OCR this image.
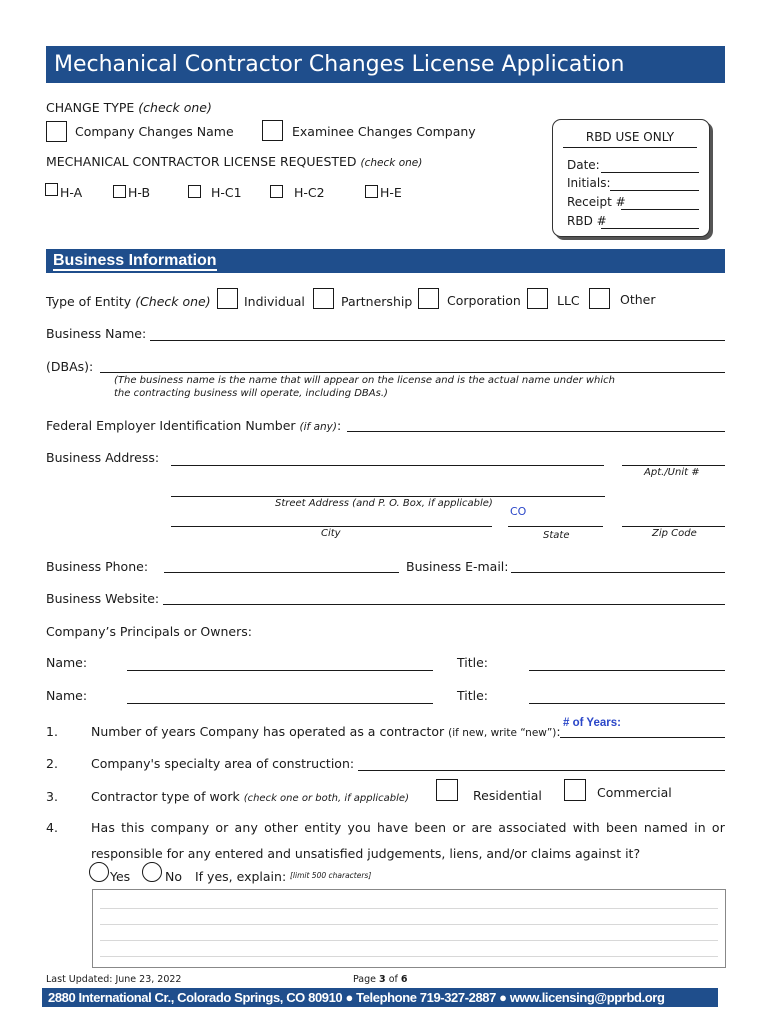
Mechanical Contractor Changes License Application
CHANGE TYPE (check one)
Company Changes Name	Examinee Changes Company
MECHANICAL CONTRACTOR LICENSE REQUESTED (check one)
H-A	H-B	H-C1	H-C2	H-E
RBD USE ONLY
Date:
Initials:
Receipt #
RBD #
Business Information
Type of Entity (Check one)	Individual	Partnership	Corporation	LLC	Other
Business Name:
(DBAs):
(The business name is the name that will appear on the license and is the actual name under which
the contracting business will operate, including DBAs.)
Federal Employer Identification Number (if any):
Business Address:
Apt./Unit #
Street Address (and P. O. Box, if applicable)
CO
City	State	Zip Code
Business Phone:	Business E-mail:
Business Website:
Company’s Principals or Owners:
Name:	Title:
Name:	Title:
1.	Number of years Company has operated as a contractor (if new, write “new”):
# of Years:
2.	Company's specialty area of construction:
3.	Contractor type of work (check one or both, if applicable)	Residential	Commercial
4.	Has this company or any other entity you have been or are associated with been named in or
responsible for any entered and unsatisfied judgements, liens, and/or claims against it?
Yes	No If yes, explain: [limit 500 characters]
Last Updated: June 23, 2022	Page 3 of 6
2880 International Cr., Colorado Springs, CO 80910 ● Telephone 719-327-2887 ● www.licensing@pprbd.org
